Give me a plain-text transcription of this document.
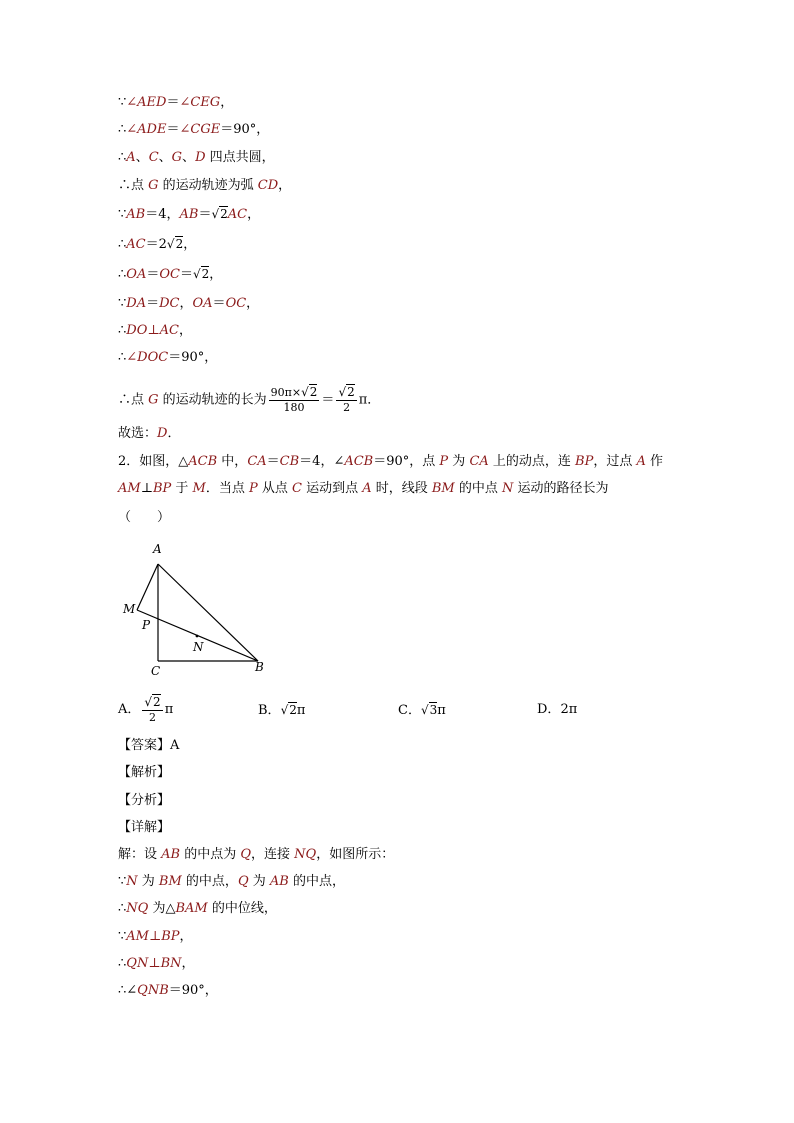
∵∠AED＝∠CEG，
∴∠ADE＝∠CGE＝90°，
∴A、C、G、D 四点共圆，
∴点 G 的运动轨迹为弧 CD，
∵AB＝4，AB＝√2AC，
∴AC＝2√2，
∴OA＝OC＝√2，
∵DA＝DC，OA＝OC，
∴DO⊥AC，
∴∠DOC＝90°，
∴点 G 的运动轨迹的长为 $\frac{90\pi\times√2}{180} = \frac{√2}{2}$ π．
故选：D．
2．如图，△ACB 中，CA＝CB＝4，∠ACB＝90°，点 P 为 CA 上的动点，连 BP，过点 A 作
AM⊥BP 于 M．当点 P 从点 C 运动到点 A 时，线段 BM 的中点 N 运动的路径长为
（　　）
A
M
P
N
C	B
A． $\frac{√2}{2}$ π	B．√2π	C．√3π	D．2π
【答案】A
【解析】
【分析】
【详解】
解：设 AB 的中点为 Q，连接 NQ，如图所示：
∵N 为 BM 的中点，Q 为 AB 的中点，
∴NQ 为△BAM 的中位线，
∵AM⊥BP，
∴QN⊥BN，
∴∠QNB＝90°，
